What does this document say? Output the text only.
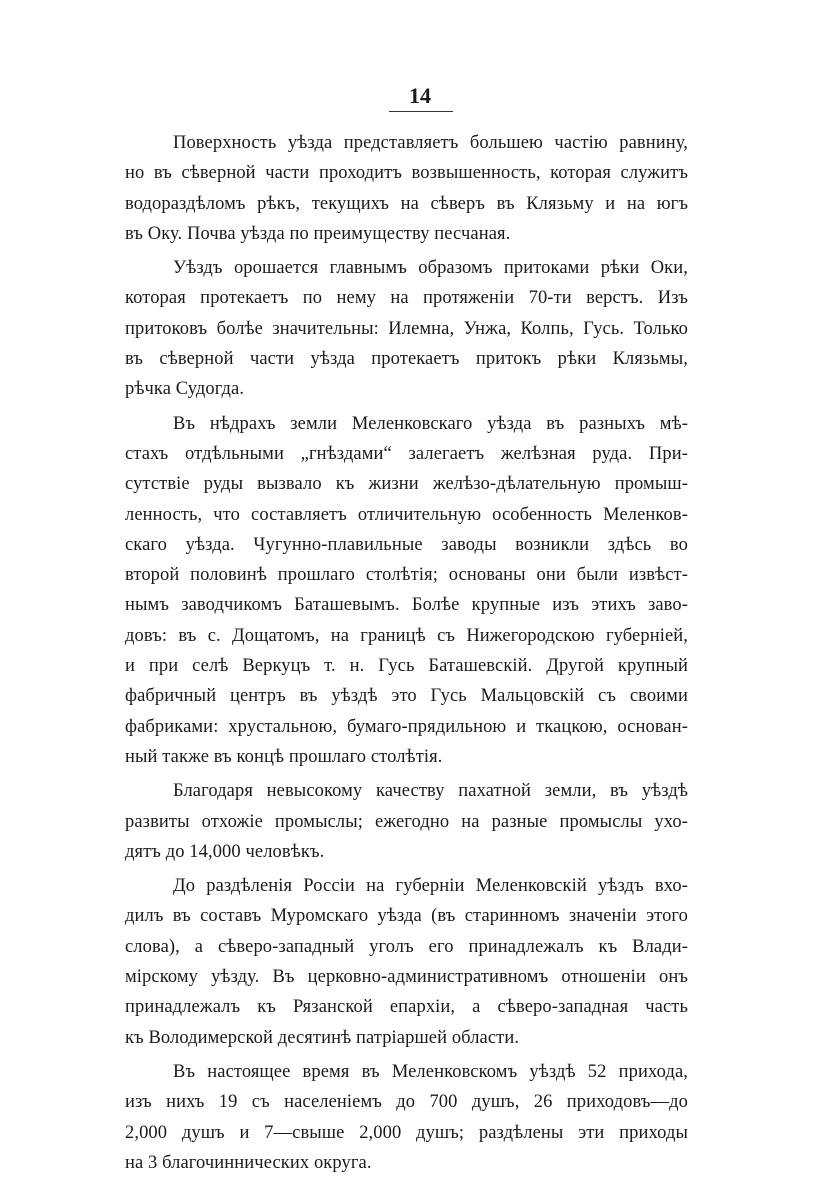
14
Поверхность уѣзда представляетъ большею частію равнину,
но въ сѣверной части проходитъ возвышенность, которая служитъ
водораздѣломъ рѣкъ, текущихъ на сѣверъ въ Клязьму и на югъ
въ Оку. Почва уѣзда по преимуществу песчаная.
Уѣздъ орошается главнымъ образомъ притоками рѣки Оки,
которая протекаетъ по нему на протяженіи 70-ти верстъ. Изъ
притоковъ болѣе значительны: Илемна, Унжа, Колпь, Гусь. Только
въ сѣверной части уѣзда протекаетъ притокъ рѣки Клязьмы,
рѣчка Судогда.
Въ нѣдрахъ земли Меленковскаго уѣзда въ разныхъ мѣ-
стахъ отдѣльными „гнѣздами“ залегаетъ желѣзная руда. При-
сутствіе руды вызвало къ жизни желѣзо-дѣлательную промыш-
ленность, что составляетъ отличительную особенность Меленков-
скаго уѣзда. Чугунно-плавильные заводы возникли здѣсь во
второй половинѣ прошлаго столѣтія; основаны они были извѣст-
нымъ заводчикомъ Баташевымъ. Болѣе крупные изъ этихъ заво-
довъ: въ с. Дощатомъ, на границѣ съ Нижегородскою губерніей,
и при селѣ Веркуцъ т. н. Гусь Баташевскій. Другой крупный
фабричный центръ въ уѣздѣ это Гусь Мальцовскій съ своими
фабриками: хрустальною, бумаго-прядильною и ткацкою, основан-
ный также въ концѣ прошлаго столѣтія.
Благодаря невысокому качеству пахатной земли, въ уѣздѣ
развиты отхожіе промыслы; ежегодно на разные промыслы ухо-
дятъ до 14,000 человѣкъ.
До раздѣленія Россіи на губерніи Меленковскій уѣздъ вхо-
дилъ въ составъ Муромскаго уѣзда (въ старинномъ значеніи этого
слова), а сѣверо-западный уголъ его принадлежалъ къ Влади-
мірскому уѣзду. Въ церковно-административномъ отношеніи онъ
принадлежалъ къ Рязанской епархіи, а сѣверо-западная часть
къ Володимерской десятинѣ патріаршей области.
Въ настоящее время въ Меленковскомъ уѣздѣ 52 прихода,
изъ нихъ 19 съ населеніемъ до 700 душъ, 26 приходовъ—до
2,000 душъ и 7—свыше 2,000 душъ; раздѣлены эти приходы
на 3 благочиннических округа.
